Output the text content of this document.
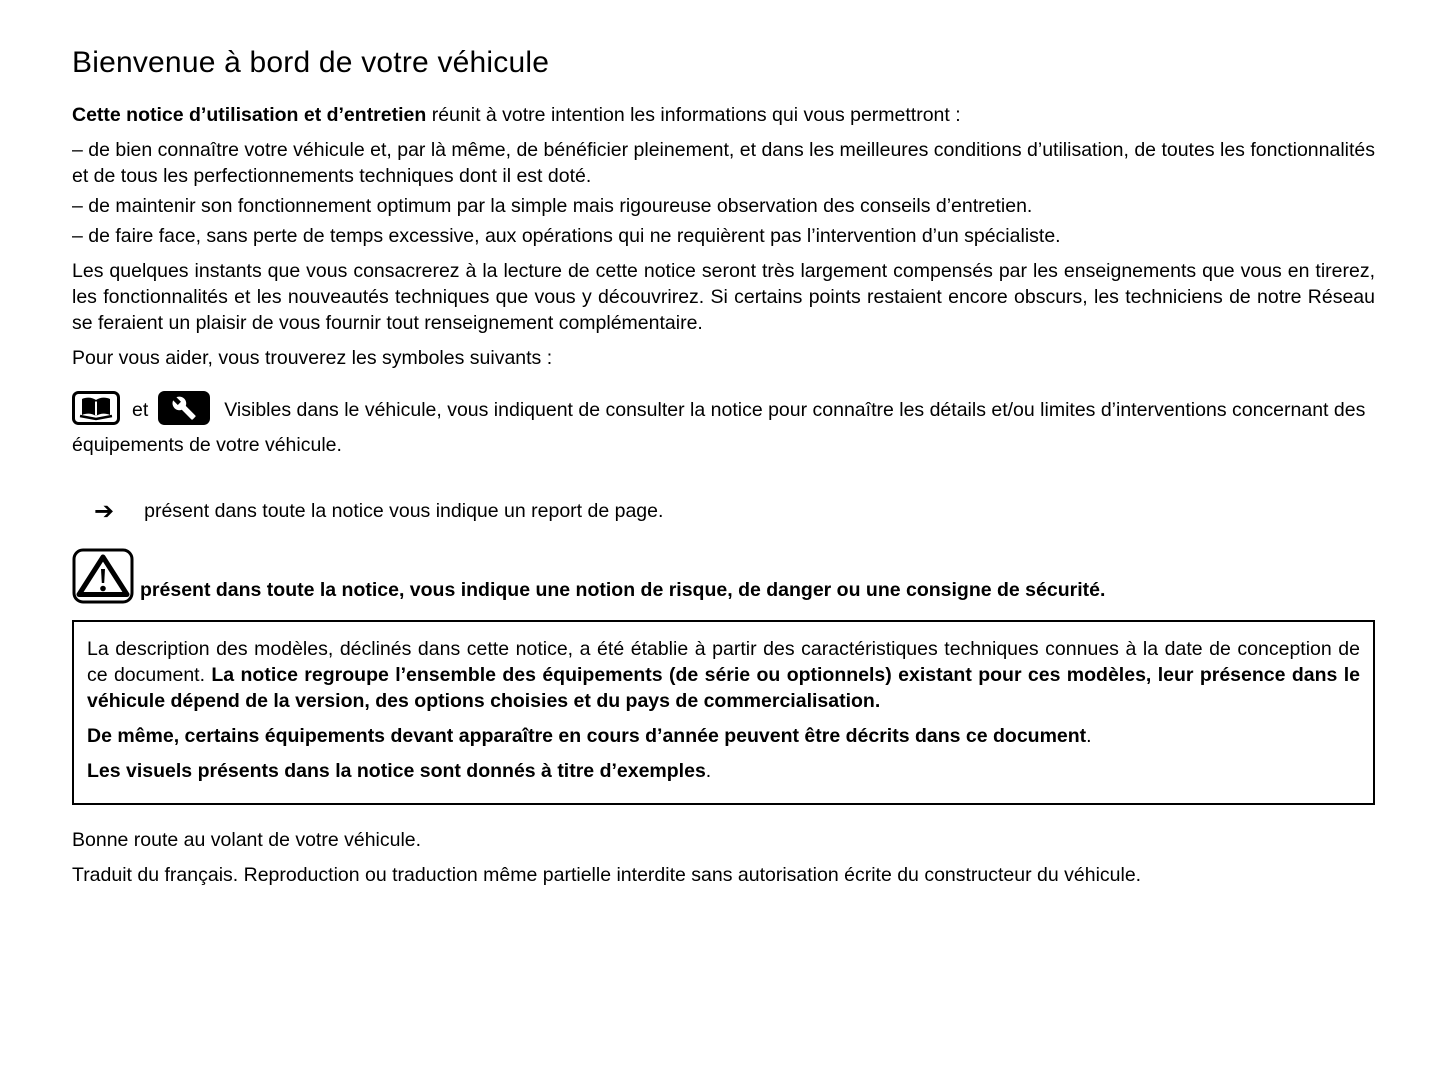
Bienvenue à bord de votre véhicule

Cette notice d’utilisation et d’entretien réunit à votre intention les informations qui vous permettront :

– de bien connaître votre véhicule et, par là même, de bénéficier pleinement, et dans les meilleures conditions d’utilisation, de toutes les fonctionnalités et de tous les perfectionnements techniques dont il est doté.

– de maintenir son fonctionnement optimum par la simple mais rigoureuse observation des conseils d’entretien.

– de faire face, sans perte de temps excessive, aux opérations qui ne requièrent pas l’intervention d’un spécialiste.

Les quelques instants que vous consacrerez à la lecture de cette notice seront très largement compensés par les enseignements que vous en tirerez, les fonctionnalités et les nouveautés techniques que vous y découvrirez. Si certains points restaient encore obscurs, les techniciens de notre Réseau se feraient un plaisir de vous fournir tout renseignement complémentaire.

Pour vous aider, vous trouverez les symboles suivants :

et	Visibles dans le véhicule, vous indiquent de consulter la notice pour connaître les détails et/ou limites d’interventions concernant des équipements de votre véhicule.

➔ présent dans toute la notice vous indique un report de page.

présent dans toute la notice, vous indique une notion de risque, de danger ou une consigne de sécurité.

La description des modèles, déclinés dans cette notice, a été établie à partir des caractéristiques techniques connues à la date de conception de ce document. La notice regroupe l’ensemble des équipements (de série ou optionnels) existant pour ces modèles, leur présence dans le véhicule dépend de la version, des options choisies et du pays de commercialisation.

De même, certains équipements devant apparaître en cours d’année peuvent être décrits dans ce document.

Les visuels présents dans la notice sont donnés à titre d’exemples.

Bonne route au volant de votre véhicule.

Traduit du français. Reproduction ou traduction même partielle interdite sans autorisation écrite du constructeur du véhicule.
